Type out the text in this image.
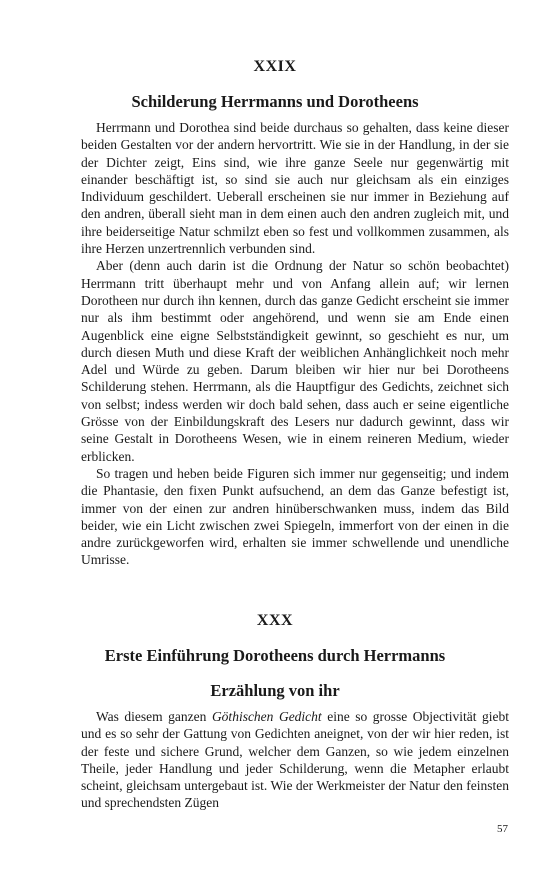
XXIX
Schilderung Herrmanns und Dorotheens

Herrmann und Dorothea sind beide durchaus so gehalten, dass keine dieser beiden Gestalten vor der andern hervortritt. Wie sie in der Handlung, in der sie der Dichter zeigt, Eins sind, wie ihre ganze Seele nur gegenwärtig mit einander beschäftigt ist, so sind sie auch nur gleichsam als ein einziges Individuum geschildert. Ueberall erscheinen sie nur immer in Beziehung auf den andren, überall sieht man in dem einen auch den andren zugleich mit, und ihre beiderseitige Natur schmilzt eben so fest und vollkommen zusammen, als ihre Herzen unzertrennlich verbunden sind.

Aber (denn auch darin ist die Ordnung der Natur so schön beobachtet) Herrmann tritt überhaupt mehr und von Anfang allein auf; wir lernen Dorotheen nur durch ihn kennen, durch das ganze Gedicht erscheint sie immer nur als ihm bestimmt oder angehörend, und wenn sie am Ende einen Augenblick eine eigne Selbstständigkeit gewinnt, so geschieht es nur, um durch diesen Muth und diese Kraft der weiblichen Anhänglichkeit noch mehr Adel und Würde zu geben. Darum bleiben wir hier nur bei Dorotheens Schilderung stehen. Herrmann, als die Hauptfigur des Gedichts, zeichnet sich von selbst; indess werden wir doch bald sehen, dass auch er seine eigentliche Grösse von der Einbildungskraft des Lesers nur dadurch gewinnt, dass wir seine Gestalt in Dorotheens Wesen, wie in einem reineren Medium, wieder erblicken.

So tragen und heben beide Figuren sich immer nur gegenseitig; und indem die Phantasie, den fixen Punkt aufsuchend, an dem das Ganze befestigt ist, immer von der einen zur andren hinüberschwanken muss, indem das Bild beider, wie ein Licht zwischen zwei Spiegeln, immerfort von der einen in die andre zurückgeworfen wird, erhalten sie immer schwellende und unendliche Umrisse.

XXX
Erste Einführung Dorotheens durch Herrmanns
Erzählung von ihr

Was diesem ganzen Göthischen Gedicht eine so grosse Objectivität giebt und es so sehr der Gattung von Gedichten aneignet, von der wir hier reden, ist der feste und sichere Grund, welcher dem Ganzen, so wie jedem einzelnen Theile, jeder Handlung und jeder Schilderung, wenn die Metapher erlaubt scheint, gleichsam untergebaut ist. Wie der Werkmeister der Natur den feinsten und sprechendsten Zügen

57
